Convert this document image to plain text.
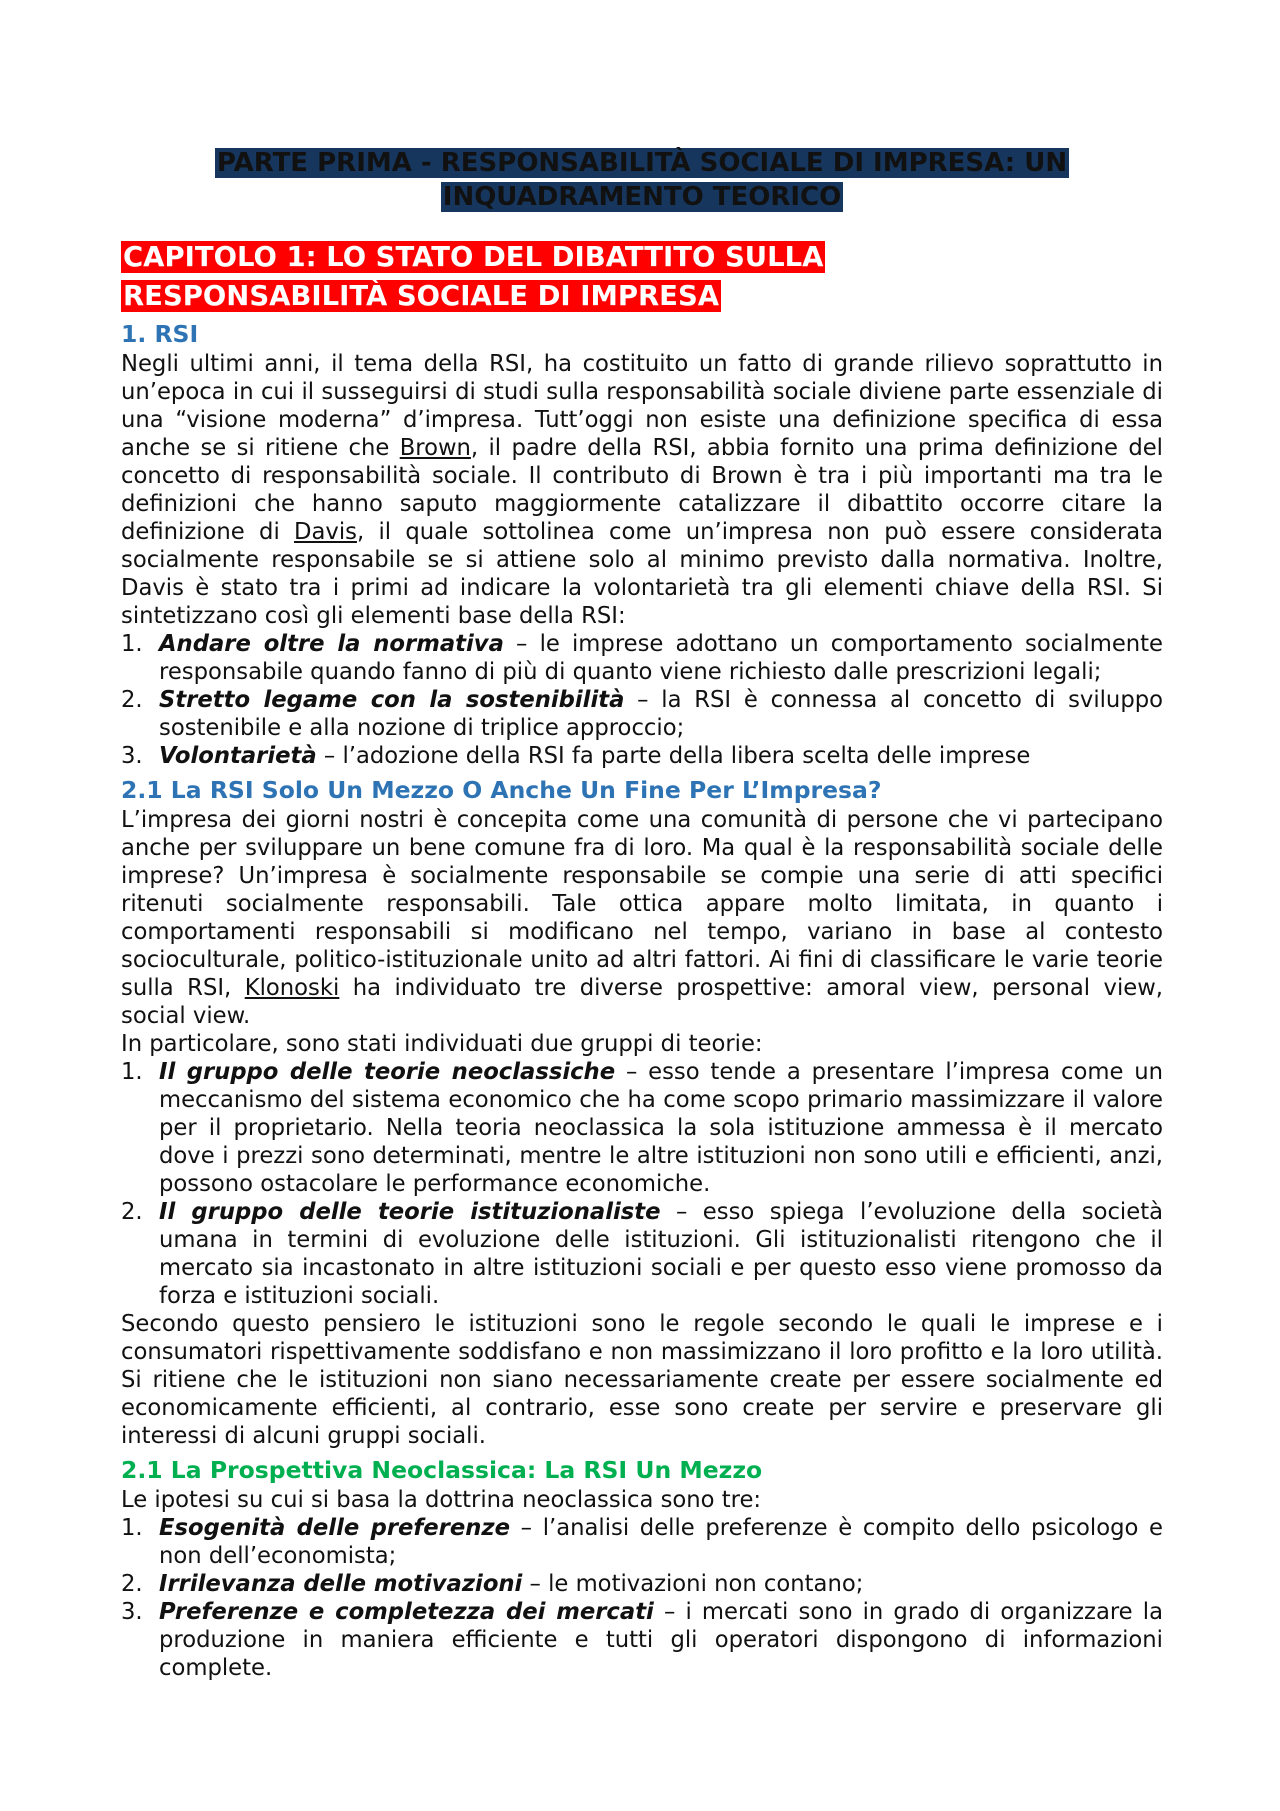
PARTE PRIMA - RESPONSABILITÀ SOCIALE DI IMPRESA: UN
INQUADRAMENTO TEORICO
CAPITOLO 1: LO STATO DEL DIBATTITO SULLA
RESPONSABILITÀ SOCIALE DI IMPRESA
1. RSI

Negli ultimi anni, il tema della RSI, ha costituito un fatto di grande rilievo soprattutto in un’epoca in cui il susseguirsi di studi sulla responsabilità sociale diviene parte essenziale di una “visione moderna” d’impresa. Tutt’oggi non esiste una definizione specifica di essa anche se si ritiene che Brown, il padre della RSI, abbia fornito una prima definizione del concetto di responsabilità sociale. Il contributo di Brown è tra i più importanti ma tra le definizioni che hanno saputo maggiormente catalizzare il dibattito occorre citare la definizione di Davis, il quale sottolinea come un’impresa non può essere considerata socialmente responsabile se si attiene solo al minimo previsto dalla normativa. Inoltre, Davis è stato tra i primi ad indicare la volontarietà tra gli elementi chiave della RSI. Si sintetizzano così gli elementi base della RSI:

1. Andare oltre la normativa – le imprese adottano un comportamento socialmente responsabile quando fanno di più di quanto viene richiesto dalle prescrizioni legali;
2. Stretto legame con la sostenibilità – la RSI è connessa al concetto di sviluppo sostenibile e alla nozione di triplice approccio;
3. Volontarietà – l’adozione della RSI fa parte della libera scelta delle imprese
2.1 La RSI Solo Un Mezzo O Anche Un Fine Per L’Impresa?

L’impresa dei giorni nostri è concepita come una comunità di persone che vi partecipano anche per sviluppare un bene comune fra di loro. Ma qual è la responsabilità sociale delle imprese? Un’impresa è socialmente responsabile se compie una serie di atti specifici ritenuti socialmente responsabili. Tale ottica appare molto limitata, in quanto i comportamenti responsabili si modificano nel tempo, variano in base al contesto socioculturale, politico-istituzionale unito ad altri fattori. Ai fini di classificare le varie teorie sulla RSI, Klonoski ha individuato tre diverse prospettive: amoral view, personal view, social view.

In particolare, sono stati individuati due gruppi di teorie:

1. Il gruppo delle teorie neoclassiche – esso tende a presentare l’impresa come un meccanismo del sistema economico che ha come scopo primario massimizzare il valore per il proprietario. Nella teoria neoclassica la sola istituzione ammessa è il mercato dove i prezzi sono determinati, mentre le altre istituzioni non sono utili e efficienti, anzi, possono ostacolare le performance economiche.
2. Il gruppo delle teorie istituzionaliste – esso spiega l’evoluzione della società umana in termini di evoluzione delle istituzioni. Gli istituzionalisti ritengono che il mercato sia incastonato in altre istituzioni sociali e per questo esso viene promosso da forza e istituzioni sociali.

Secondo questo pensiero le istituzioni sono le regole secondo le quali le imprese e i consumatori rispettivamente soddisfano e non massimizzano il loro profitto e la loro utilità. Si ritiene che le istituzioni non siano necessariamente create per essere socialmente ed economicamente efficienti, al contrario, esse sono create per servire e preservare gli interessi di alcuni gruppi sociali.

2.1 La Prospettiva Neoclassica: La RSI Un Mezzo

Le ipotesi su cui si basa la dottrina neoclassica sono tre:

1. Esogenità delle preferenze – l’analisi delle preferenze è compito dello psicologo e non dell’economista;
2. Irrilevanza delle motivazioni – le motivazioni non contano;
3. Preferenze e completezza dei mercati – i mercati sono in grado di organizzare la produzione in maniera efficiente e tutti gli operatori dispongono di informazioni complete.
